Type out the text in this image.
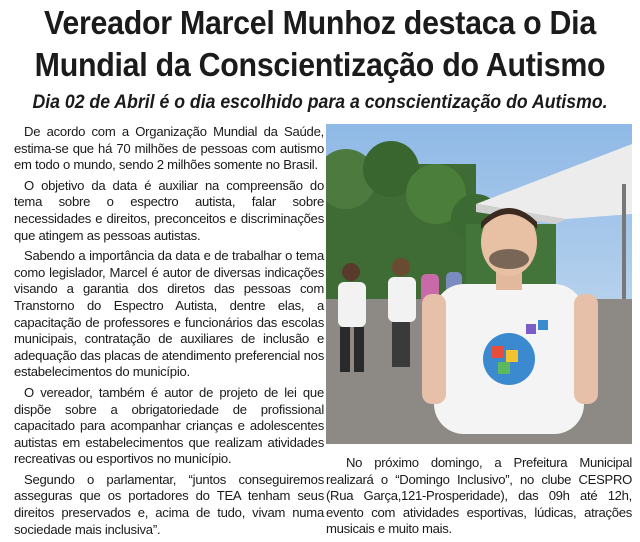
Vereador Marcel Munhoz destaca o Dia
Mundial da Conscientização do Autismo
Dia 02 de Abril é o dia escolhido para a conscientização do Autismo.

De acordo com a Organização Mundial da Saúde, estima-se que há 70 milhões de pessoas com autismo em todo o mundo, sendo 2 milhões somente no Brasil.

O objetivo da data é auxiliar na compreensão do tema sobre o espectro autista, falar sobre necessidades e direitos, preconceitos e discriminações que atingem as pessoas autistas.

Sabendo a importância da data e de trabalhar o tema como legislador, Marcel é autor de diversas indicações visando a garantia dos diretos das pessoas com Transtorno do Espectro Autista, dentre elas, a capacitação de professores e funcionários das escolas municipais, contratação de auxiliares de inclusão e adequação das placas de atendimento preferencial nos estabelecimentos do município.

O vereador, também é autor de projeto de lei que dispõe sobre a obrigatoriedade de profissional capacitado para acompanhar crianças e adolescentes autistas em estabelecimentos que realizam atividades recreativas ou esportivos no município.

Segundo o parlamentar, “juntos conseguiremos asseguras que os portadores do TEA tenham seus direitos preservados e, acima de tudo, vivam numa sociedade mais inclusiva”.

No próximo domingo, a Prefeitura Municipal realizará o “Domingo Inclusivo”, no clube CESPRO (Rua Garça,121-Prosperidade), das 09h até 12h, evento com atividades esportivas, lúdicas, atrações musicais e muito mais.
